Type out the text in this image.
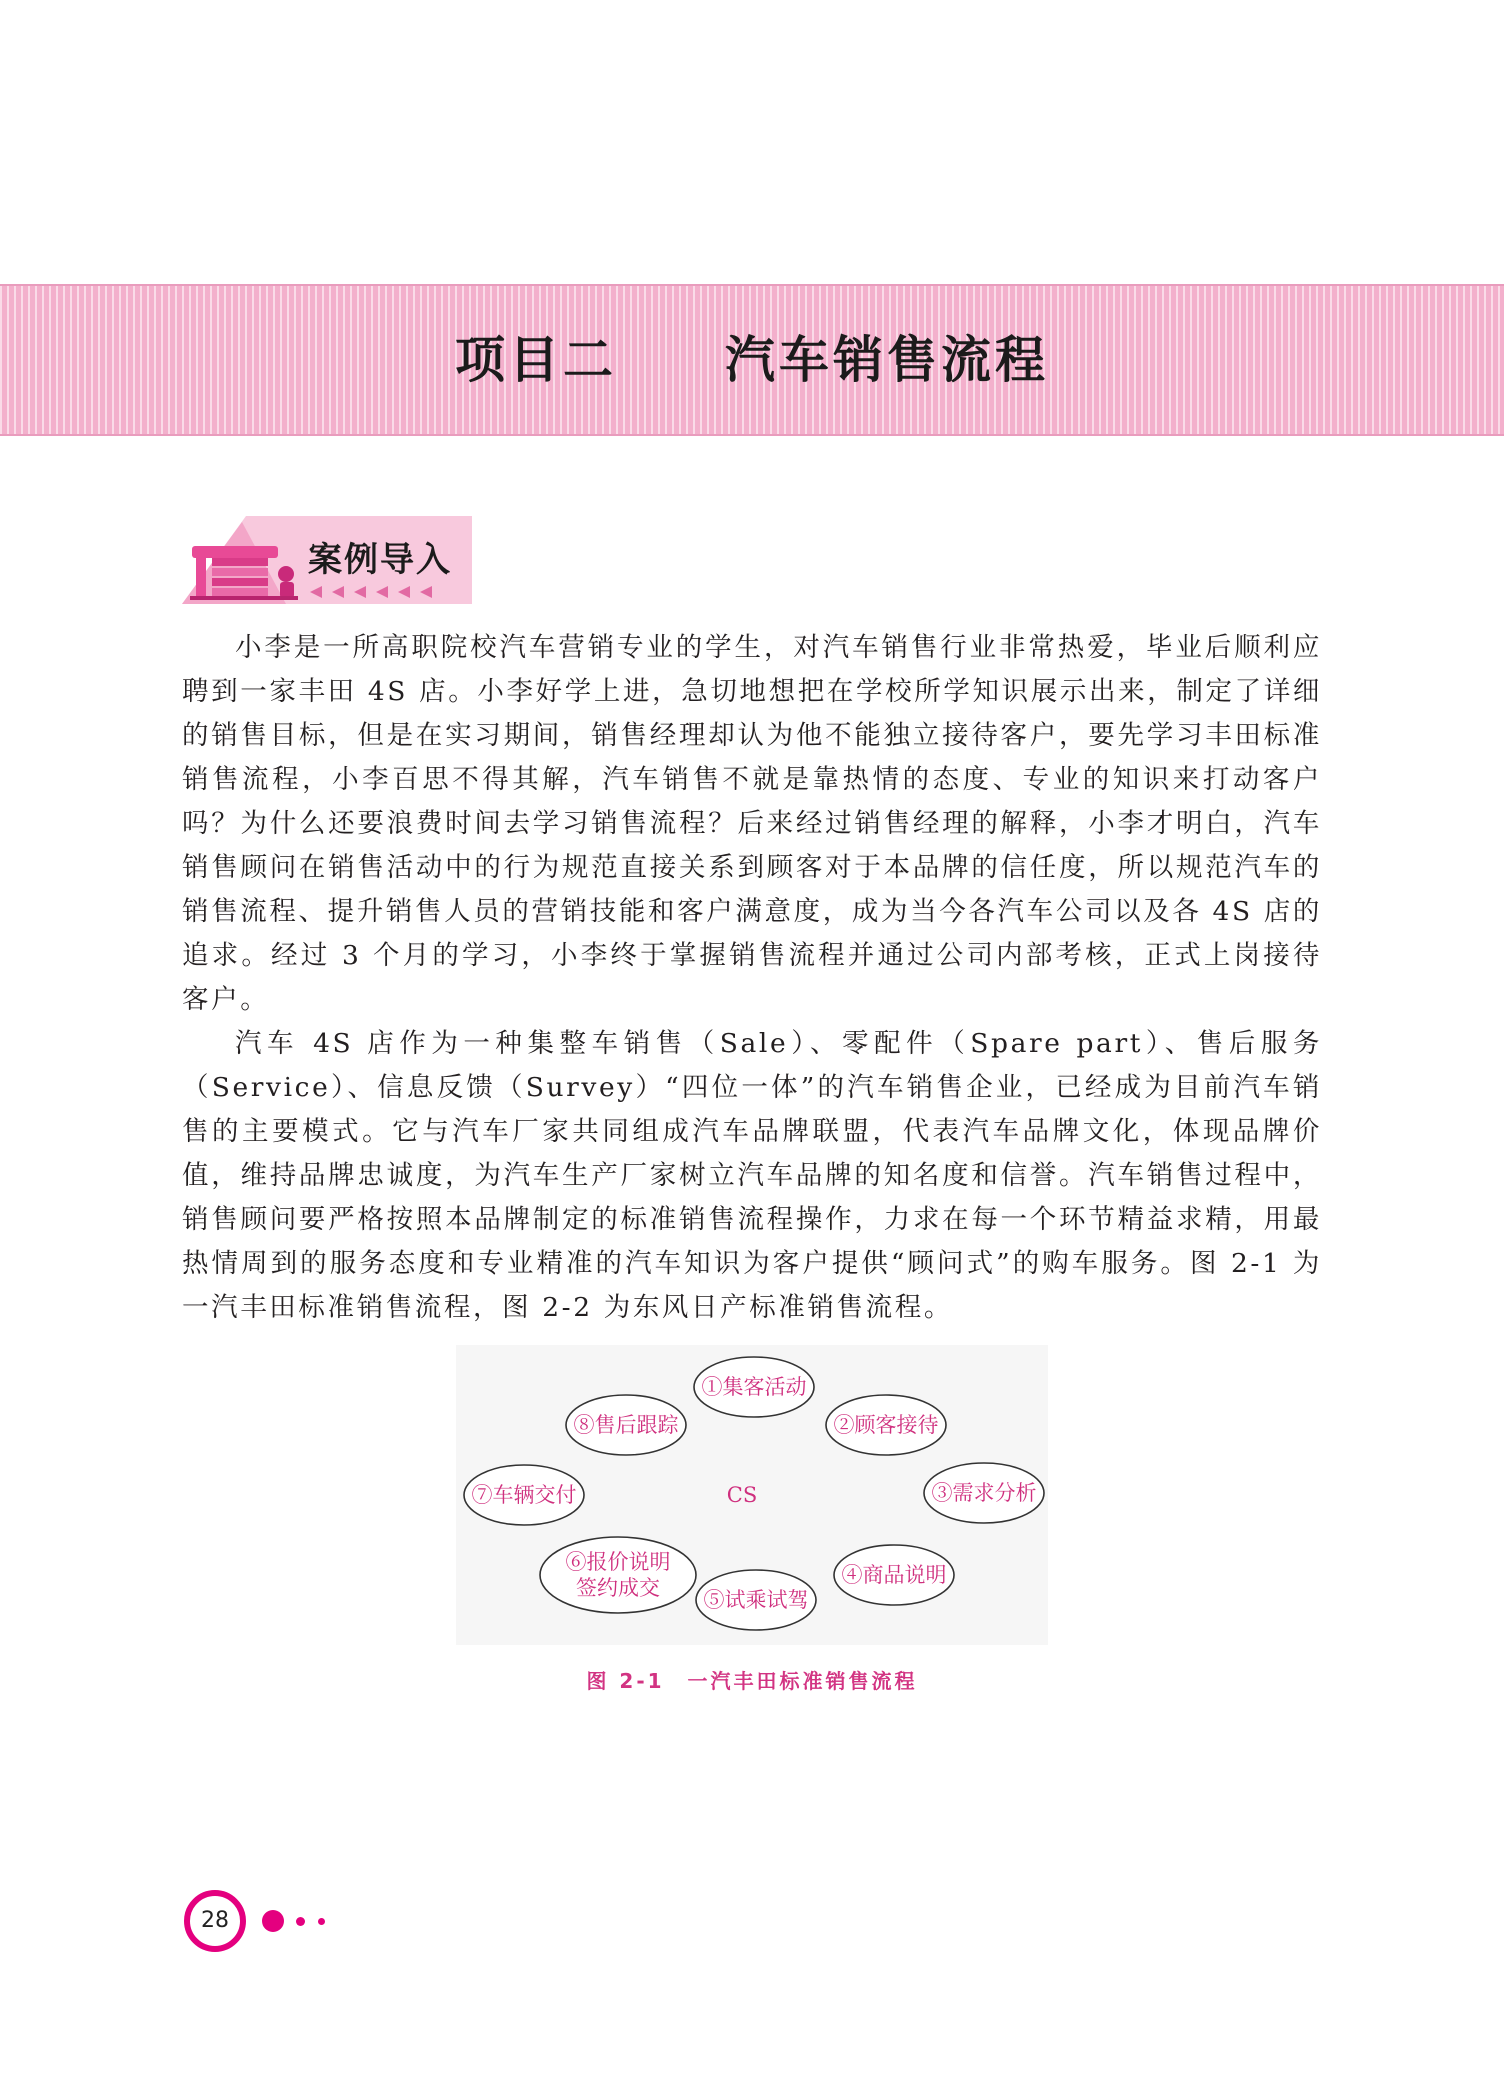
项目二　　汽车销售流程
案例导入

小李是一所高职院校汽车营销专业的学生，对汽车销售行业非常热爱，毕业后顺利应聘到一家丰田 4S 店。小李好学上进，急切地想把在学校所学知识展示出来，制定了详细的销售目标，但是在实习期间，销售经理却认为他不能独立接待客户，要先学习丰田标准销售流程，小李百思不得其解，汽车销售不就是靠热情的态度、专业的知识来打动客户吗？为什么还要浪费时间去学习销售流程？后来经过销售经理的解释，小李才明白，汽车销售顾问在销售活动中的行为规范直接关系到顾客对于本品牌的信任度，所以规范汽车的销售流程、提升销售人员的营销技能和客户满意度，成为当今各汽车公司以及各 4S 店的追求。经过 3 个月的学习，小李终于掌握销售流程并通过公司内部考核，正式上岗接待客户。

汽车 4S 店作为一种集整车销售（Sale）、零配件（Spare part）、售后服务（Service）、信息反馈（Survey）“四位一体”的汽车销售企业，已经成为目前汽车销售的主要模式。它与汽车厂家共同组成汽车品牌联盟，代表汽车品牌文化，体现品牌价值，维持品牌忠诚度，为汽车生产厂家树立汽车品牌的知名度和信誉。汽车销售过程中，销售顾问要严格按照本品牌制定的标准销售流程操作，力求在每一个环节精益求精，用最热情周到的服务态度和专业精准的汽车知识为客户提供“顾问式”的购车服务。图 2-1 为一汽丰田标准销售流程，图 2-2 为东风日产标准销售流程。

CS
①集客活动
②顾客接待
③需求分析
④商品说明
⑤试乘试驾
⑥报价说明
签约成交
⑦车辆交付
⑧售后跟踪
图 2-1　一汽丰田标准销售流程
28
